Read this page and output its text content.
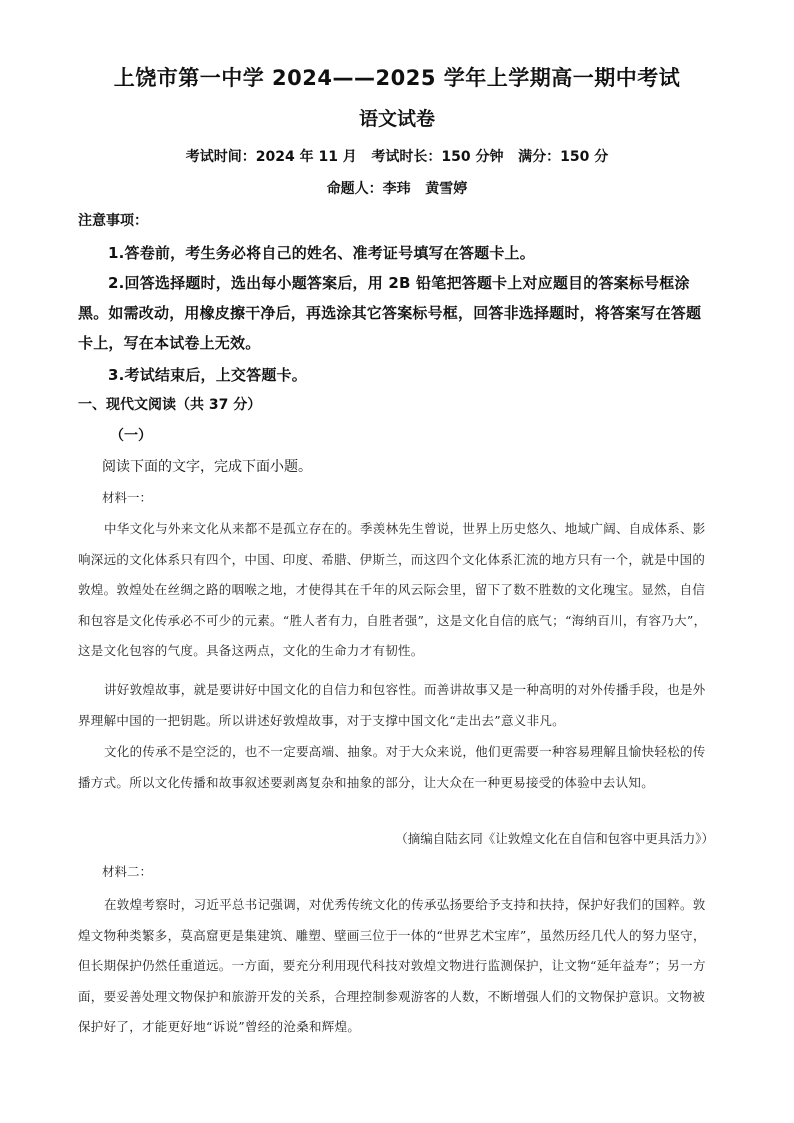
上饶市第一中学 2024——2025 学年上学期高一期中考试
语文试卷
考试时间：2024 年 11 月   考试时长：150 分钟   满分：150 分
命题人：李玮   黄雪婷
注意事项：
1.答卷前，考生务必将自己的姓名、准考证号填写在答题卡上。
2.回答选择题时，选出每小题答案后，用 2B 铅笔把答题卡上对应题目的答案标号框涂黑。如需改动，用橡皮擦干净后，再选涂其它答案标号框，回答非选择题时，将答案写在答题卡上，写在本试卷上无效。
3.考试结束后，上交答题卡。
一、现代文阅读（共 37 分）
（一）
阅读下面的文字，完成下面小题。
材料一：
中华文化与外来文化从来都不是孤立存在的。季羡林先生曾说，世界上历史悠久、地域广阔、自成体系、影响深远的文化体系只有四个，中国、印度、希腊、伊斯兰，而这四个文化体系汇流的地方只有一个，就是中国的敦煌。敦煌处在丝绸之路的咽喉之地，才使得其在千年的风云际会里，留下了数不胜数的文化瑰宝。显然，自信和包容是文化传承必不可少的元素。“胜人者有力，自胜者强”，这是文化自信的底气；“海纳百川，有容乃大”，这是文化包容的气度。具备这两点，文化的生命力才有韧性。
讲好敦煌故事，就是要讲好中国文化的自信力和包容性。而善讲故事又是一种高明的对外传播手段，也是外界理解中国的一把钥匙。所以讲述好敦煌故事，对于支撑中国文化“走出去”意义非凡。
文化的传承不是空泛的，也不一定要高端、抽象。对于大众来说，他们更需要一种容易理解且愉快轻松的传播方式。所以文化传播和故事叙述要剥离复杂和抽象的部分，让大众在一种更易接受的体验中去认知。
（摘编自陆玄同《让敦煌文化在自信和包容中更具活力》）
材料二：
在敦煌考察时，习近平总书记强调，对优秀传统文化的传承弘扬要给予支持和扶持，保护好我们的国粹。敦煌文物种类繁多，莫高窟更是集建筑、雕塑、壁画三位于一体的“世界艺术宝库”，虽然历经几代人的努力坚守，但长期保护仍然任重道远。一方面，要充分利用现代科技对敦煌文物进行监测保护，让文物“延年益寿”；另一方面，要妥善处理文物保护和旅游开发的关系，合理控制参观游客的人数，不断增强人们的文物保护意识。文物被保护好了，才能更好地“诉说”曾经的沧桑和辉煌。
